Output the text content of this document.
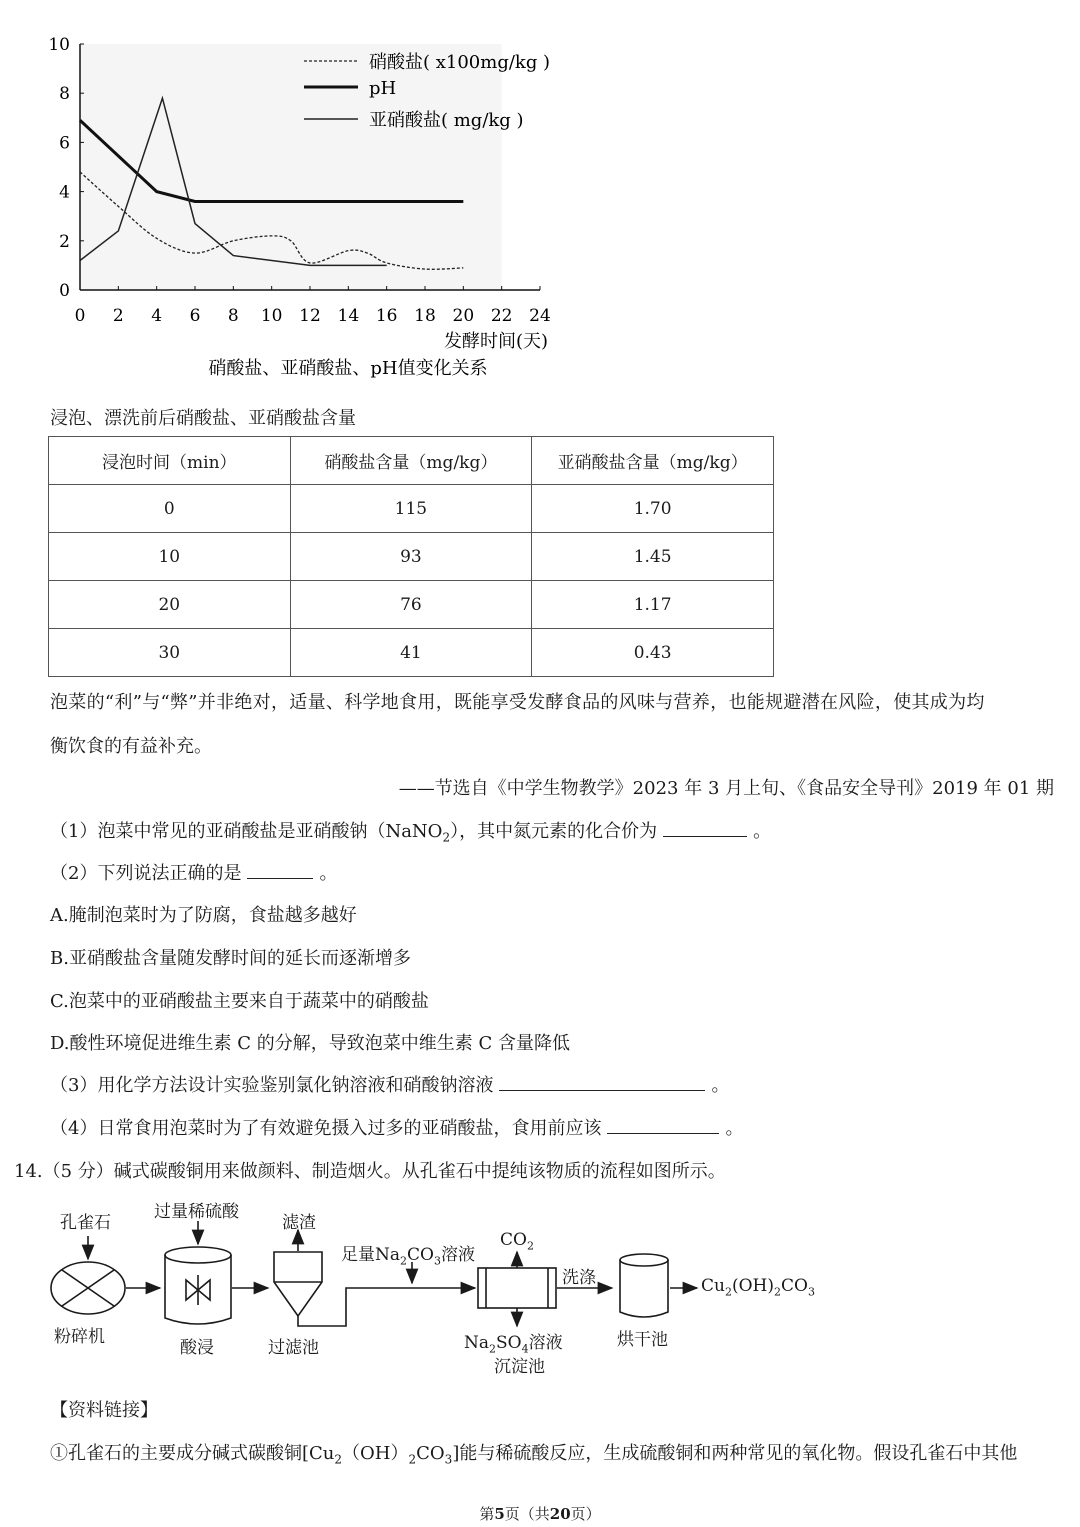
0 2 4 6 8 10 12 14 16 18 20 22 24
0
2
4
6
8
10
硝酸盐( x100mg/kg )
pH
亚硝酸盐( mg/kg )
发酵时间(天)
硝酸盐、亚硝酸盐、pH值变化关系
浸泡、漂洗前后硝酸盐、亚硝酸盐含量
浸泡时间（min）	硝酸盐含量（mg/kg）	亚硝酸盐含量（mg/kg）
0	115	1.70
10	93	1.45
20	76	1.17
30	41	0.43
泡菜的“利”与“弊”并非绝对，适量、科学地食用，既能享受发酵食品的风味与营养，也能规避潜在风险，使其成为均
衡饮食的有益补充。
——节选自《中学生物教学》2023 年 3 月上旬、《食品安全导刊》2019 年 01 期
（1）泡菜中常见的亚硝酸盐是亚硝酸钠（NaNO$_2$），其中氮元素的化合价为	。
（2）下列说法正确的是	。
A.腌制泡菜时为了防腐，食盐越多越好
B.亚硝酸盐含量随发酵时间的延长而逐渐增多
C.泡菜中的亚硝酸盐主要来自于蔬菜中的硝酸盐
D.酸性环境促进维生素 C 的分解，导致泡菜中维生素 C 含量降低
（3）用化学方法设计实验鉴别氯化钠溶液和硝酸钠溶液	。
（4）日常食用泡菜时为了有效避免摄入过多的亚硝酸盐，食用前应该	。
14.（5 分）碱式碳酸铜用来做颜料、制造烟火。从孔雀石中提纯该物质的流程如图所示。
孔雀石
粉碎机
过量稀硫酸
酸浸
滤渣
过滤池
足量$Na_2CO_3$溶液
$CO_2$
$Na_2SO_4$溶液
沉淀池
洗涤
烘干池
$Cu_2(OH)_2CO_3$
【资料链接】
①孔雀石的主要成分碱式碳酸铜$[Cu_2(OH)_2CO_3]$能与稀硫酸反应，生成硫酸铜和两种常见的氧化物。假设孔雀石中其他
第5页（共20页）
